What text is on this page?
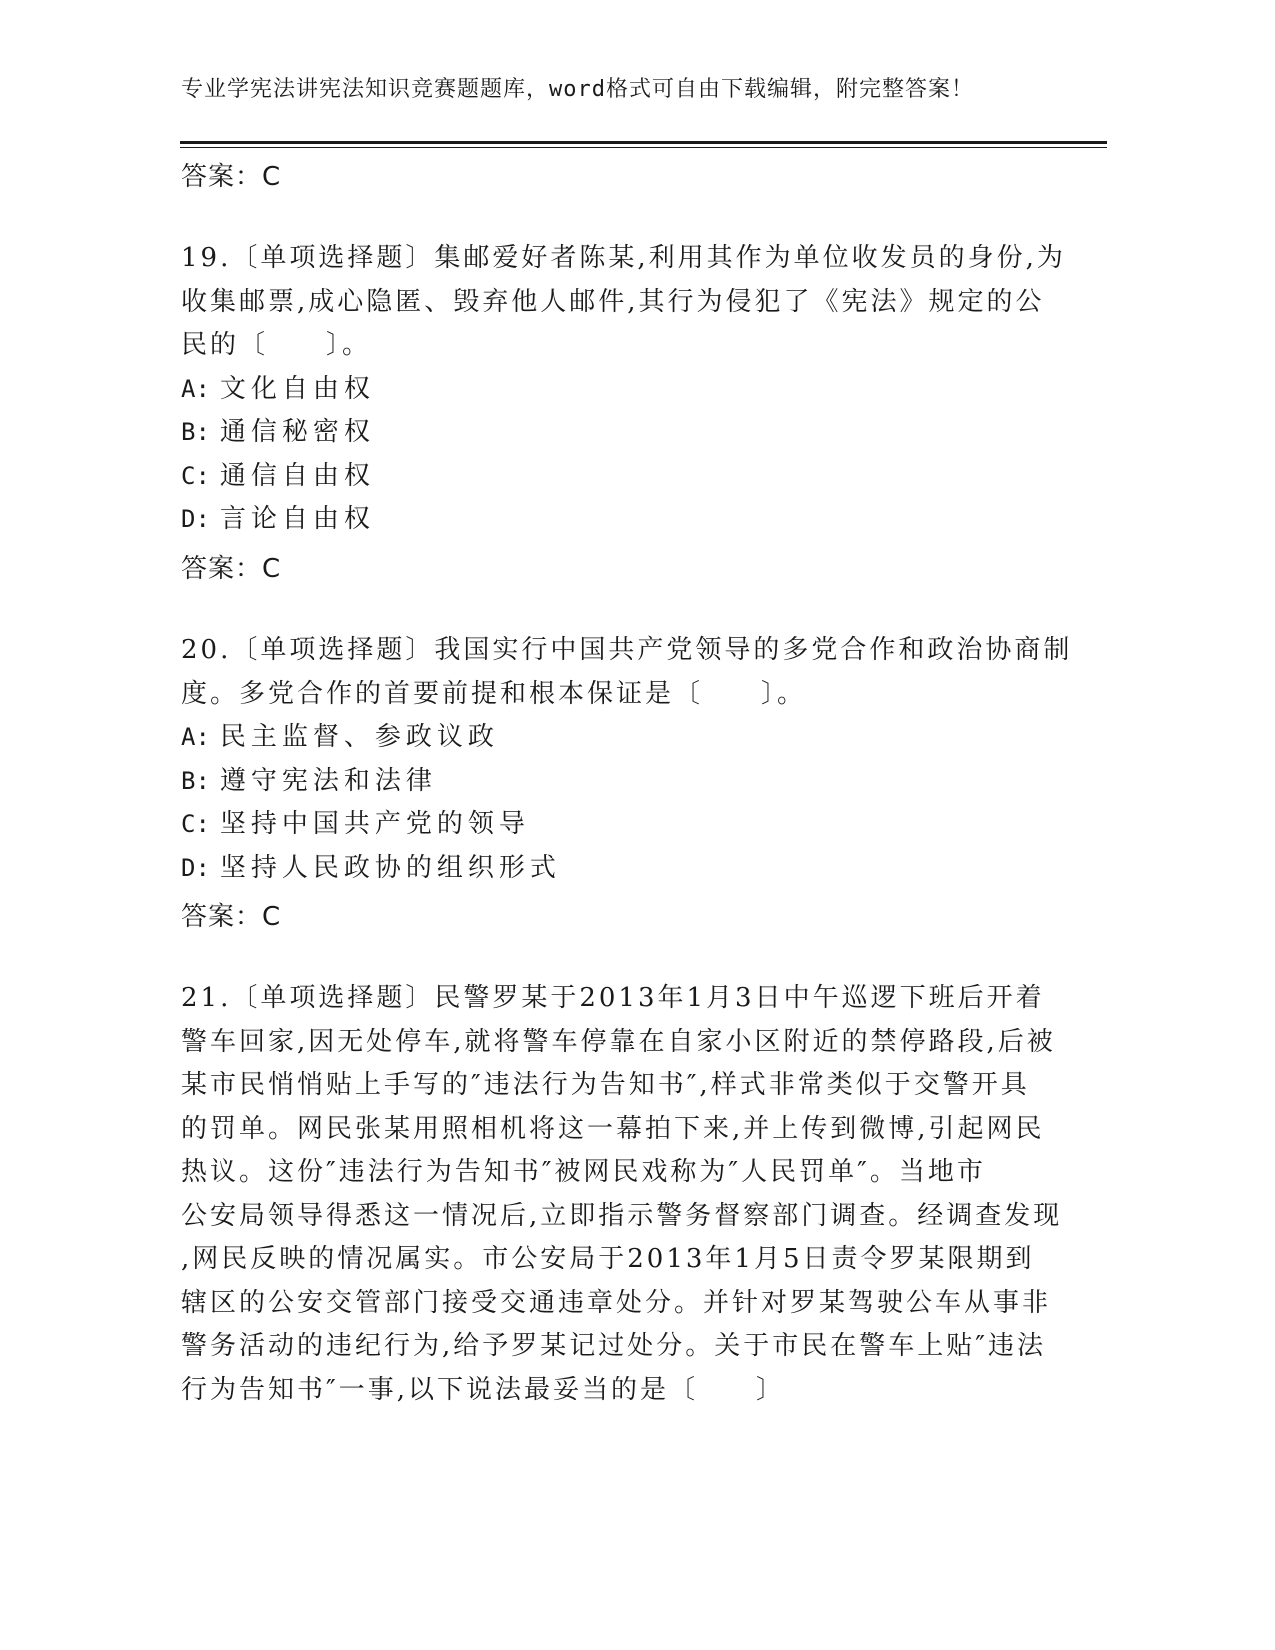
专业学宪法讲宪法知识竞赛题题库，word格式可自由下载编辑，附完整答案！
答案：C
19.〔单项选择题〕集邮爱好者陈某,利用其作为单位收发员的身份,为
收集邮票,成心隐匿、毁弃他人邮件,其行为侵犯了《宪法》规定的公
民的〔　　〕。
A: 文化自由权
B: 通信秘密权
C: 通信自由权
D: 言论自由权
答案：C
20.〔单项选择题〕我国实行中国共产党领导的多党合作和政治协商制
度。多党合作的首要前提和根本保证是〔　　〕。
A: 民主监督、参政议政
B: 遵守宪法和法律
C: 坚持中国共产党的领导
D: 坚持人民政协的组织形式
答案：C
21.〔单项选择题〕民警罗某于2013年1月3日中午巡逻下班后开着
警车回家,因无处停车,就将警车停靠在自家小区附近的禁停路段,后被
某市民悄悄贴上手写的″违法行为告知书″,样式非常类似于交警开具
的罚单。网民张某用照相机将这一幕拍下来,并上传到微博,引起网民
热议。这份″违法行为告知书″被网民戏称为″人民罚单″。当地市
公安局领导得悉这一情况后,立即指示警务督察部门调查。经调查发现
,网民反映的情况属实。市公安局于2013年1月5日责令罗某限期到
辖区的公安交管部门接受交通违章处分。并针对罗某驾驶公车从事非
警务活动的违纪行为,给予罗某记过处分。关于市民在警车上贴″违法
行为告知书″一事,以下说法最妥当的是〔　　〕
